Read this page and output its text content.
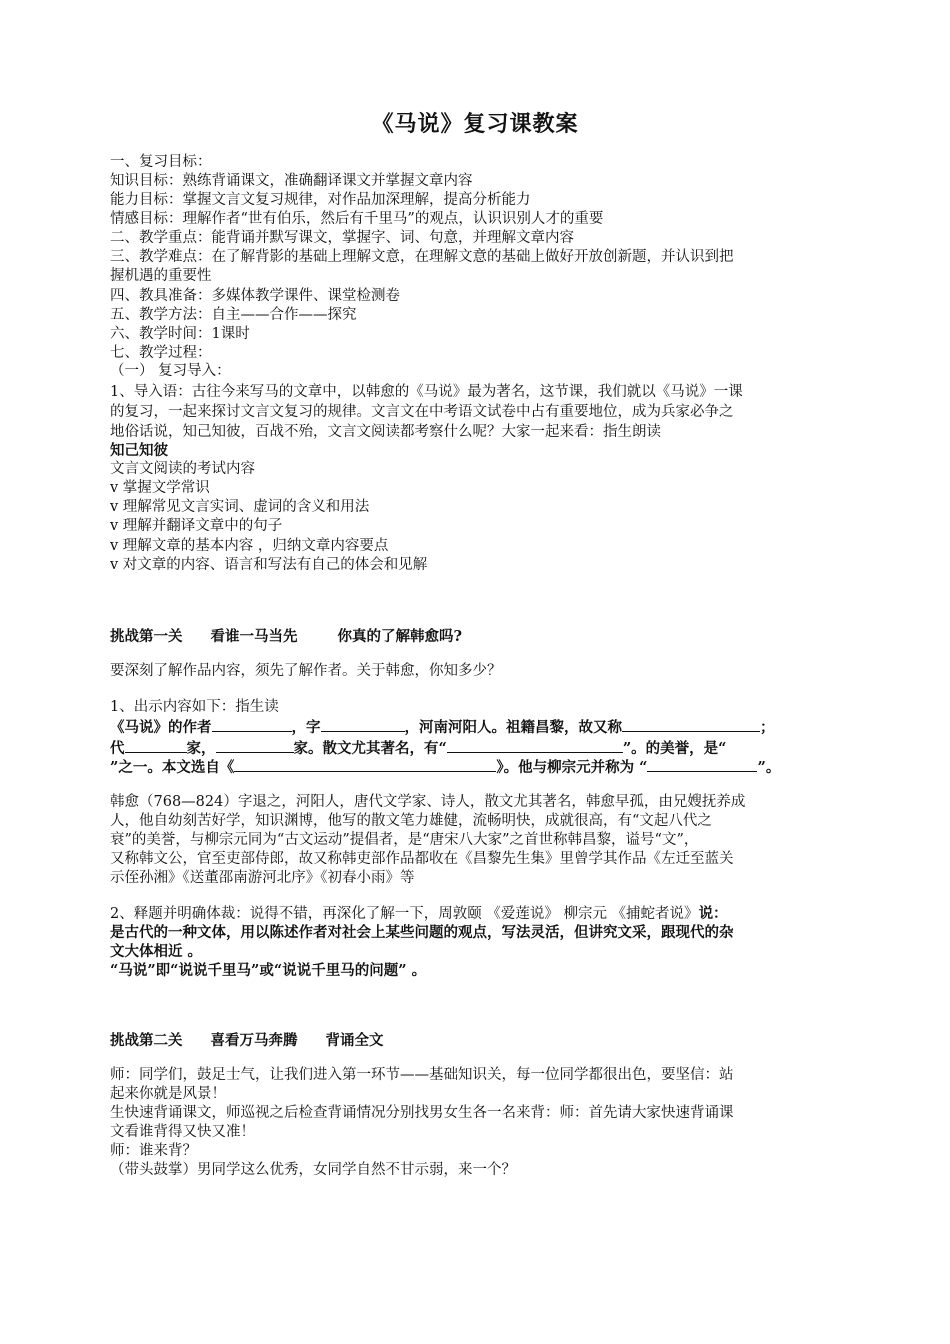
《马说》复习课教案
一、复习目标：
知识目标：熟练背诵课文，准确翻译课文并掌握文章内容
能力目标：掌握文言文复习规律，对作品加深理解，提高分析能力
情感目标：理解作者“世有伯乐，然后有千里马”的观点，认识识别人才的重要
二、教学重点：能背诵并默写课文，掌握字、词、句意，并理解文章内容
三、教学难点：在了解背影的基础上理解文意，在理解文意的基础上做好开放创新题，并认识到把
握机遇的重要性
四、教具准备：多媒体教学课件、课堂检测卷
五、教学方法：自主——合作——探究
六、教学时间：1课时
七、教学过程：
（一） 复习导入：
1、导入语：古往今来写马的文章中，以韩愈的《马说》最为著名，这节课，我们就以《马说》一课
的复习，一起来探讨文言文复习的规律。文言文在中考语文试卷中占有重要地位，成为兵家必争之
地俗话说，知己知彼，百战不殆，文言文阅读都考察什么呢？大家一起来看：指生朗读
知己知彼
文言文阅读的考试内容
v 掌握文学常识
v 理解常见文言实词、虚词的含义和用法
v 理解并翻译文章中的句子
v 理解文章的基本内容 ，归纳文章内容要点
v 对文章的内容、语言和写法有自己的体会和见解
挑战第一关 看谁一马当先	你真的了解韩愈吗?
要深刻了解作品内容，须先了解作者。关于韩愈，你知多少？
1、出示内容如下：指生读
《马说》的作者	，字	，河南河阳人。祖籍昌黎，故又称	；
代	家，	家。散文尤其著名，有“	”。的美誉，是“
”之一。本文选自《	》。他与柳宗元并称为 “	”。
韩愈（768—824）字退之，河阳人，唐代文学家、诗人，散文尤其著名，韩愈早孤，由兄嫂抚养成
人，他自幼刻苦好学，知识渊博，他写的散文笔力雄健，流畅明快，成就很高，有“文起八代之
衰”的美誉，与柳宗元同为“古文运动”提倡者，是“唐宋八大家”之首世称韩昌黎，谥号“文”，
又称韩文公，官至吏部侍郎，故又称韩吏部作品都收在《昌黎先生集》里曾学其作品《左迁至蓝关
示侄孙湘》《送董邵南游河北序》《初春小雨》等
2、释题并明确体裁：说得不错，再深化了解一下，周敦颐 《爱莲说》 柳宗元 《捕蛇者说》说：
是古代的一种文体，用以陈述作者对社会上某些问题的观点，写法灵活，但讲究文采，跟现代的杂
文大体相近 。
“马说”即“说说千里马”或“说说千里马的问题” 。
挑战第二关 喜看万马奔腾 背诵全文
师：同学们，鼓足士气，让我们进入第一环节——基础知识关，每一位同学都很出色，要坚信：站
起来你就是风景！
生快速背诵课文，师巡视之后检查背诵情况分别找男女生各一名来背：师：首先请大家快速背诵课
文看谁背得又快又准！
师：谁来背？
（带头鼓掌）男同学这么优秀，女同学自然不甘示弱，来一个？
